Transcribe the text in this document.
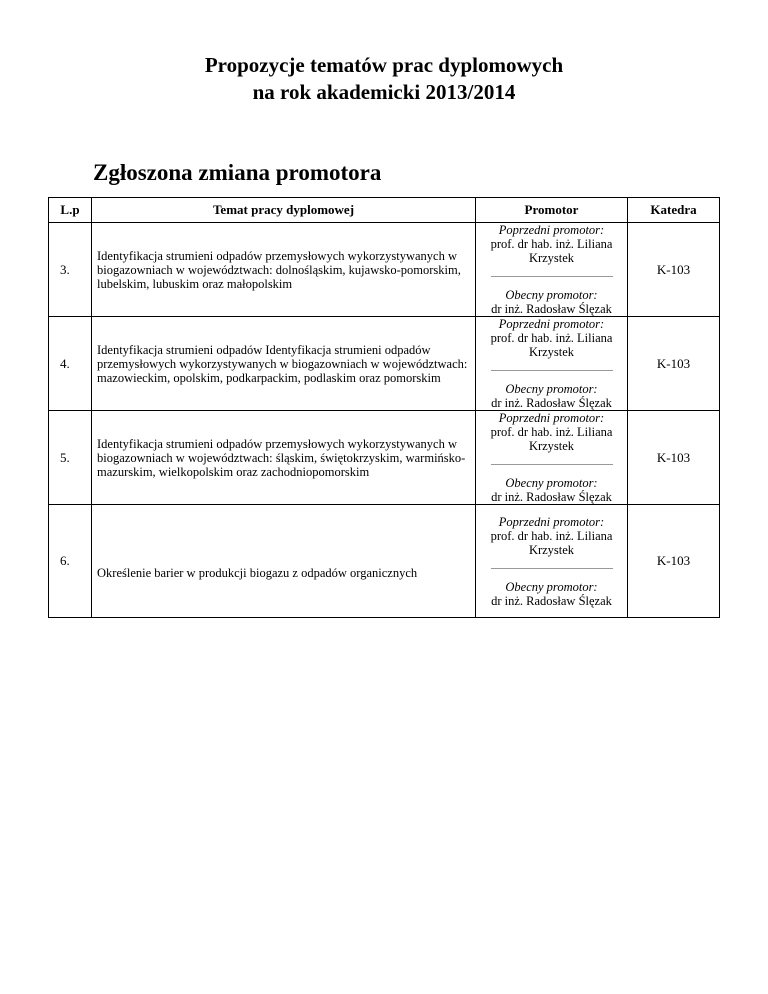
Propozycje tematów prac dyplomowych
na rok akademicki 2013/2014
Zgłoszona zmiana promotora
L.p	Temat pracy dyplomowej	Promotor	Katedra
3.	Identyfikacja strumieni odpadów przemysłowych wykorzystywanych w biogazowniach w województwach: dolnośląskim, kujawsko-pomorskim, lubelskim, lubuskim oraz małopolskim	Poprzedni promotor:
prof. dr hab. inż. Liliana
Krzystek
Obecny promotor:
dr inż. Radosław Ślęzak	K-103
4.	Identyfikacja strumieni odpadów Identyfikacja strumieni odpadów przemysłowych wykorzystywanych w biogazowniach w województwach: mazowieckim, opolskim, podkarpackim, podlaskim oraz pomorskim	Poprzedni promotor:
prof. dr hab. inż. Liliana
Krzystek
Obecny promotor:
dr inż. Radosław Ślęzak	K-103
5.	Identyfikacja strumieni odpadów przemysłowych wykorzystywanych w biogazowniach w województwach: śląskim, świętokrzyskim, warmińsko-mazurskim, wielkopolskim oraz zachodniopomorskim	Poprzedni promotor:
prof. dr hab. inż. Liliana
Krzystek
Obecny promotor:
dr inż. Radosław Ślęzak	K-103
6.	Określenie barier w produkcji biogazu z odpadów organicznych	Poprzedni promotor:
prof. dr hab. inż. Liliana
Krzystek
Obecny promotor:
dr inż. Radosław Ślęzak	K-103
